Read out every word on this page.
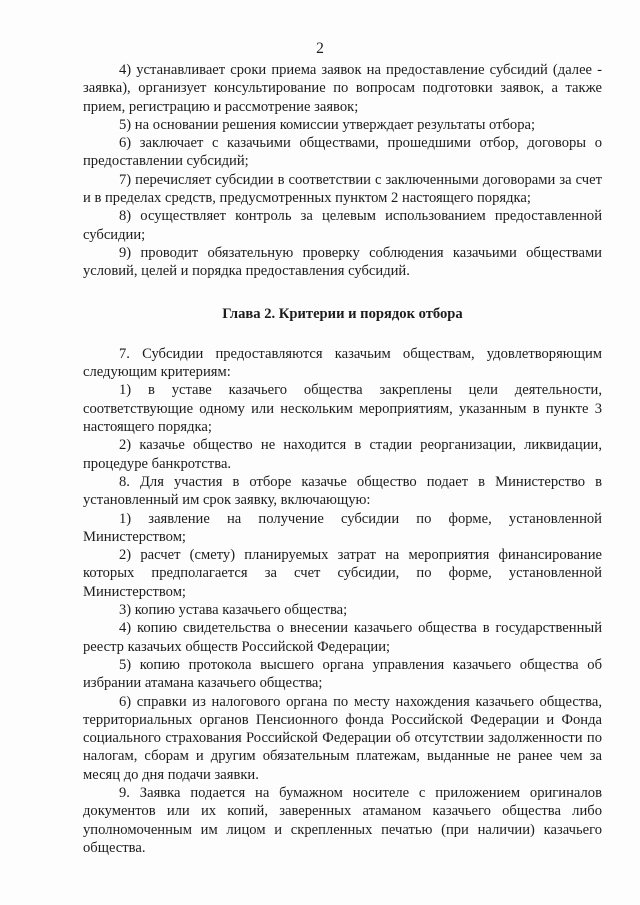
2

4) устанавливает сроки приема заявок на предоставление субсидий (далее - заявка), организует консультирование по вопросам подготовки заявок, а также прием, регистрацию и рассмотрение заявок;

5) на основании решения комиссии утверждает результаты отбора;

6) заключает с казачьими обществами, прошедшими отбор, договоры о предоставлении субсидий;

7) перечисляет субсидии в соответствии с заключенными договорами за счет и в пределах средств, предусмотренных пунктом 2 настоящего порядка;

8) осуществляет контроль за целевым использованием предоставленной субсидии;

9) проводит обязательную проверку соблюдения казачьими обществами условий, целей и порядка предоставления субсидий.

Глава 2. Критерии и порядок отбора

7. Субсидии предоставляются казачьим обществам, удовлетворяющим следующим критериям:

1) в уставе казачьего общества закреплены цели деятельности, соответствующие одному или нескольким мероприятиям, указанным в пункте 3 настоящего порядка;

2) казачье общество не находится в стадии реорганизации, ликвидации, процедуре банкротства.

8. Для участия в отборе казачье общество подает в Министерство в установленный им срок заявку, включающую:

1) заявление на получение субсидии по форме, установленной Министерством;

2) расчет (смету) планируемых затрат на мероприятия финансирование которых предполагается за счет субсидии, по форме, установленной Министерством;

3) копию устава казачьего общества;

4) копию свидетельства о внесении казачьего общества в государственный реестр казачьих обществ Российской Федерации;

5) копию протокола высшего органа управления казачьего общества об избрании атамана казачьего общества;

6) справки из налогового органа по месту нахождения казачьего общества, территориальных органов Пенсионного фонда Российской Федерации и Фонда социального страхования Российской Федерации об отсутствии задолженности по налогам, сборам и другим обязательным платежам, выданные не ранее чем за месяц до дня подачи заявки.

9. Заявка подается на бумажном носителе с приложением оригиналов документов или их копий, заверенных атаманом казачьего общества либо уполномоченным им лицом и скрепленных печатью (при наличии) казачьего общества.
